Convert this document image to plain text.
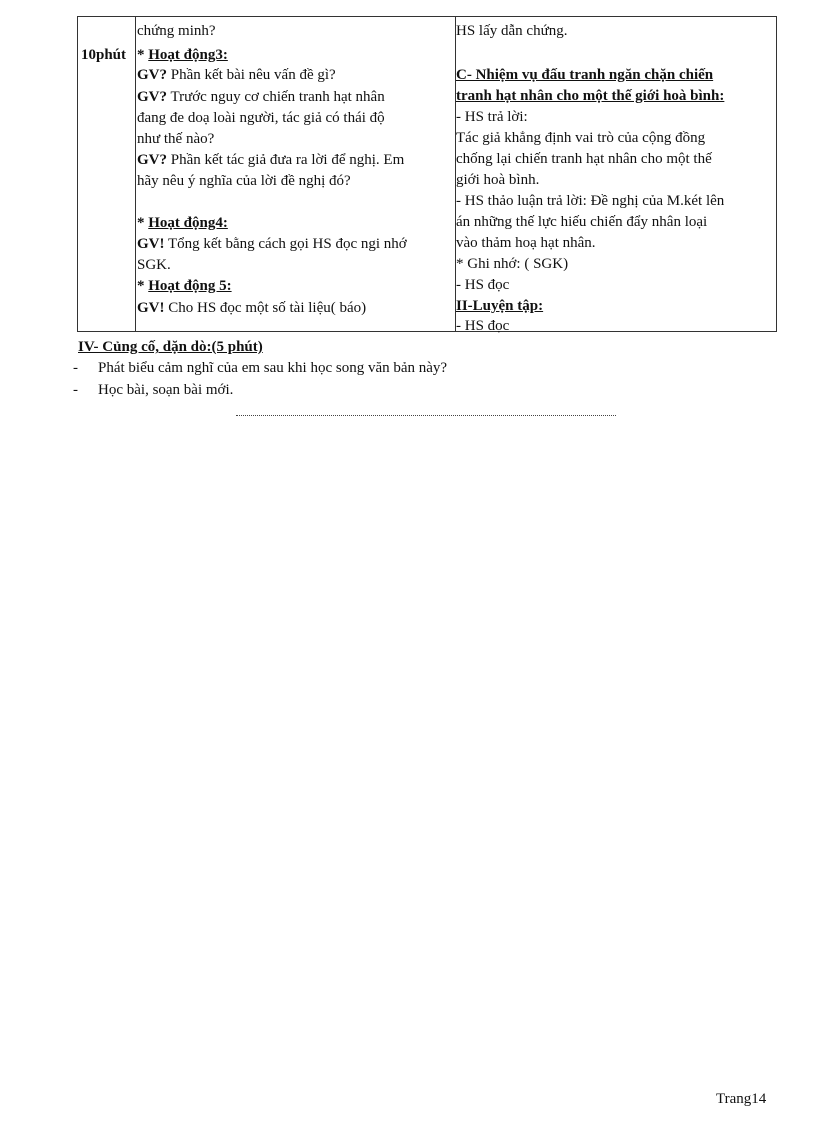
10phút
chứng minh?
* Hoạt động3:
GV? Phần kết bài nêu vấn đề gì?
GV? Trước nguy cơ chiến tranh hạt nhân
đang đe doạ loài người, tác giả có thái độ
như thế nào?
GV? Phần kết tác giả đưa ra lời để nghị. Em
hãy nêu ý nghĩa của lời đề nghị đó?
* Hoạt động4:
GV! Tổng kết bằng cách gọi HS đọc ngi nhớ
SGK.
* Hoạt động 5:
GV! Cho HS đọc một số tài liệu( báo)
HS lấy dẫn chứng.
C- Nhiệm vụ đấu tranh ngăn chặn chiến
tranh hạt nhân cho một thế giới hoà bình:
- HS trả lời:
Tác giả khẳng định vai trò của cộng đồng
chống lại chiến tranh hạt nhân cho một thế
giới hoà bình.
- HS thảo luận trả lời: Đề nghị của M.két lên
án những thế lực hiếu chiến đẩy nhân loại
vào thảm hoạ hạt nhân.
* Ghi nhớ: ( SGK)
- HS đọc
II-Luyện tập:
- HS đọc
IV- Củng cố, dặn dò:(5 phút)
- Phát biểu cảm nghĩ của em sau khi học song văn bản này?
- Học bài, soạn bài mới.
Trang14
